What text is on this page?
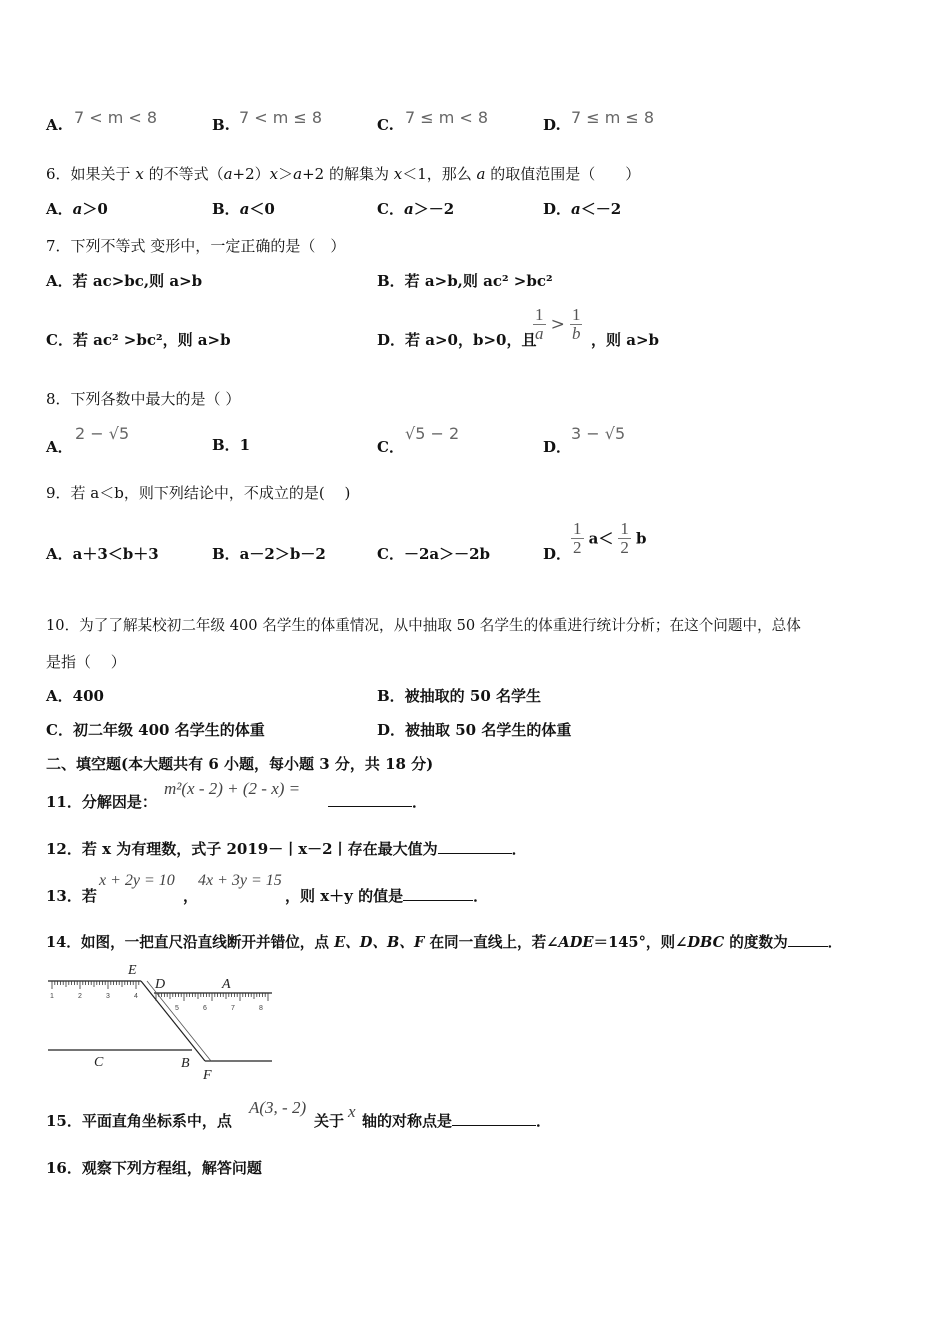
A. 7 < m < 8	B. 7 < m ≤ 8	C. 7 ≤ m < 8	D. 7 ≤ m ≤ 8
6．如果关于 x 的不等式（a+2）x＞a+2 的解集为 x＜1，那么 a 的取值范围是（　　）
A．a＞0	B．a＜0	C．a＞－2	D．a＜－2
7．下列不等式 变形中，一定正确的是（　）
A．若 ac>bc,则 a>b	B．若 a>b,则 ac² >bc²
C．若 ac² >bc²，则 a>b	D．若 a>0，b>0，且
$\frac{1}{a} > \frac{1}{b}$ ，则 a>b
8．下列各数中最大的是（ ）
A．
2 − √5
B．1	C．
√5 − 2
D．
3 − √5
9．若 a＜b，则下列结论中，不成立的是(　 )
A．a＋3＜b＋3	B．a－2＞b－2	C．－2a＞－2b	D． $\frac{1}{2} a< \frac{1}{2}$ b
10．为了了解某校初二年级 400 名学生的体重情况，从中抽取 50 名学生的体重进行统计分析；在这个问题中，总体
是指（　 ）
A．400	B．被抽取的 50 名学生
C．初二年级 400 名学生的体重	D．被抽取 50 名学生的体重
二、填空题(本大题共有 6 小题，每小题 3 分，共 18 分)
11．分解因是：
m²(x - 2) + (2 - x) =
．
12．若 x 为有理数，式子 2019－丨x－2丨存在最大值为	．
13．若
x + 2y = 10
，
4x + 3y = 15
，则 x＋y 的值是	．
14．如图，一把直尺沿直线断开并错位，点 E、D、B、F 在同一直线上，若∠ADE＝145°，则∠DBC 的度数为	．
1	2	3	4
5	6	7	8
E
D	A
C	B
F
15．平面直角坐标系中，点
A(3, - 2)
关于 x 轴的对称点是	．
16．观察下列方程组，解答问题
